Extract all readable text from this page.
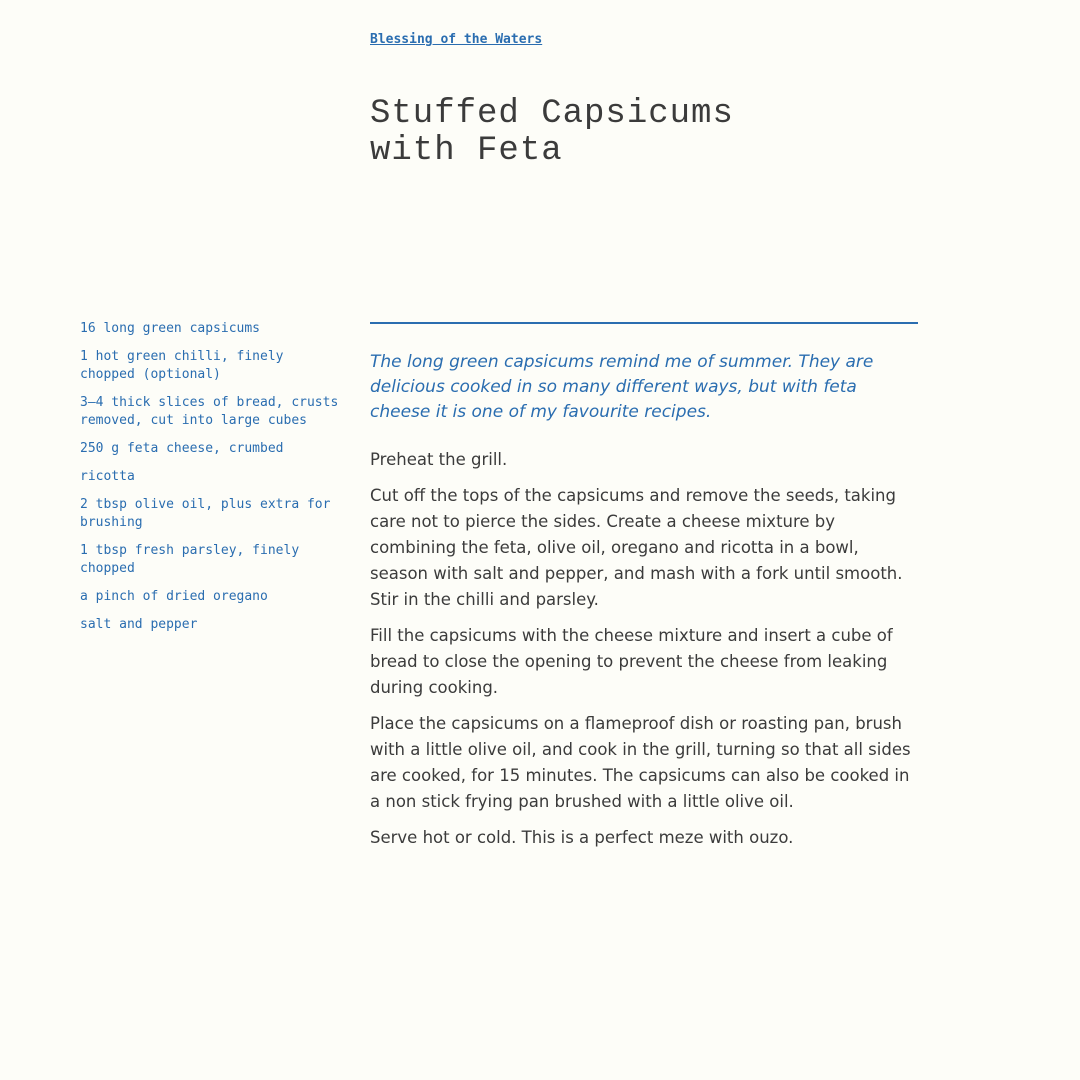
Blessing of the Waters
Stuffed Capsicums
with Feta
16 long green capsicums
1 hot green chilli, finely chopped (optional)
3–4 thick slices of bread, crusts removed, cut into large cubes
250 g feta cheese, crumbed
ricotta
2 tbsp olive oil, plus extra for brushing
1 tbsp fresh parsley, finely chopped
a pinch of dried oregano
salt and pepper

The long green capsicums remind me of summer. They are delicious cooked in so many different ways, but with feta cheese it is one of my favourite recipes.

Preheat the grill.

Cut off the tops of the capsicums and remove the seeds, taking care not to pierce the sides. Create a cheese mixture by combining the feta, olive oil, oregano and ricotta in a bowl, season with salt and pepper, and mash with a fork until smooth. Stir in the chilli and parsley.

Fill the capsicums with the cheese mixture and insert a cube of bread to close the opening to prevent the cheese from leaking during cooking.

Place the capsicums on a flameproof dish or roasting pan, brush with a little olive oil, and cook in the grill, turning so that all sides are cooked, for 15 minutes. The capsicums can also be cooked in a non stick frying pan brushed with a little olive oil.

Serve hot or cold. This is a perfect meze with ouzo.
